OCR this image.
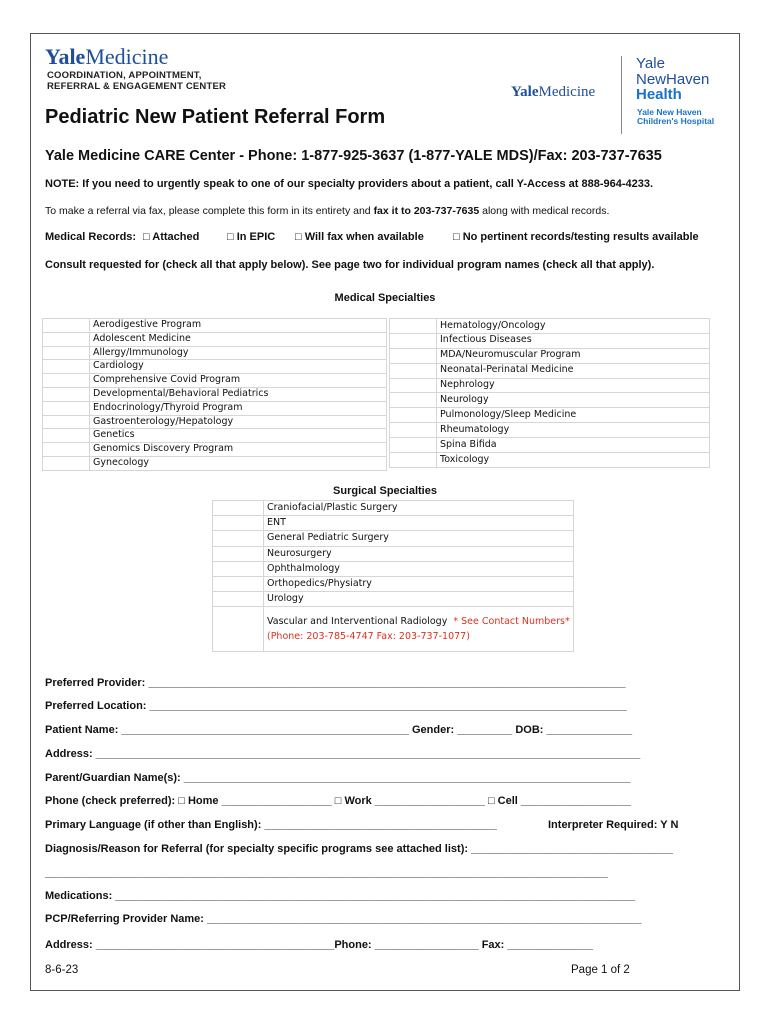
YaleMedicine
COORDINATION, APPOINTMENT,
REFERRAL & ENGAGEMENT CENTER	YaleMedicine
Yale
NewHaven
Health
Yale New Haven
Children's Hospital
Pediatric New Patient Referral Form
Yale Medicine CARE Center - Phone: 1-877-925-3637 (1-877-YALE MDS)/Fax: 203-737-7635
NOTE: If you need to urgently speak to one of our specialty providers about a patient, call Y-Access at 888-964-4233.
To make a referral via fax, please complete this form in its entirety and fax it to 203-737-7635 along with medical records.
Medical Records: □ Attached	□ In EPIC □ Will fax when available	□ No pertinent records/testing results available
Consult requested for (check all that apply below). See page two for individual program names (check all that apply).
Medical Specialties
	Aerodigestive Program
	Adolescent Medicine
	Allergy/Immunology
	Cardiology
	Comprehensive Covid Program
	Developmental/Behavioral Pediatrics
	Endocrinology/Thyroid Program
	Gastroenterology/Hepatology
	Genetics
	Genomics Discovery Program
	Gynecology
	Hematology/Oncology
	Infectious Diseases
	MDA/Neuromuscular Program
	Neonatal-Perinatal Medicine
	Nephrology
	Neurology
	Pulmonology/Sleep Medicine
	Rheumatology
	Spina Bifida
	Toxicology
Surgical Specialties
	Craniofacial/Plastic Surgery
	ENT
	General Pediatric Surgery
	Neurosurgery
	Ophthalmology
	Orthopedics/Physiatry
	Urology
	Vascular and Interventional Radiology * See Contact Numbers*
(Phone: 203-785-4747 Fax: 203-737-1077)
Preferred Provider: ______________________________________________________________________________
Preferred Location: ______________________________________________________________________________
Patient Name: _______________________________________________ Gender: _________ DOB: ______________
Address: _________________________________________________________________________________________
Parent/Guardian Name(s): _________________________________________________________________________
Phone (check preferred): □ Home __________________ □ Work __________________ □ Cell __________________
Primary Language (if other than English): ______________________________________	Interpreter Required: Y N
Diagnosis/Reason for Referral (for specialty specific programs see attached list): _________________________________
____________________________________________________________________________________________
Medications: _____________________________________________________________________________________
PCP/Referring Provider Name: _______________________________________________________________________
Address: _______________________________________Phone: _________________ Fax: ______________
8-6-23	Page 1 of 2
